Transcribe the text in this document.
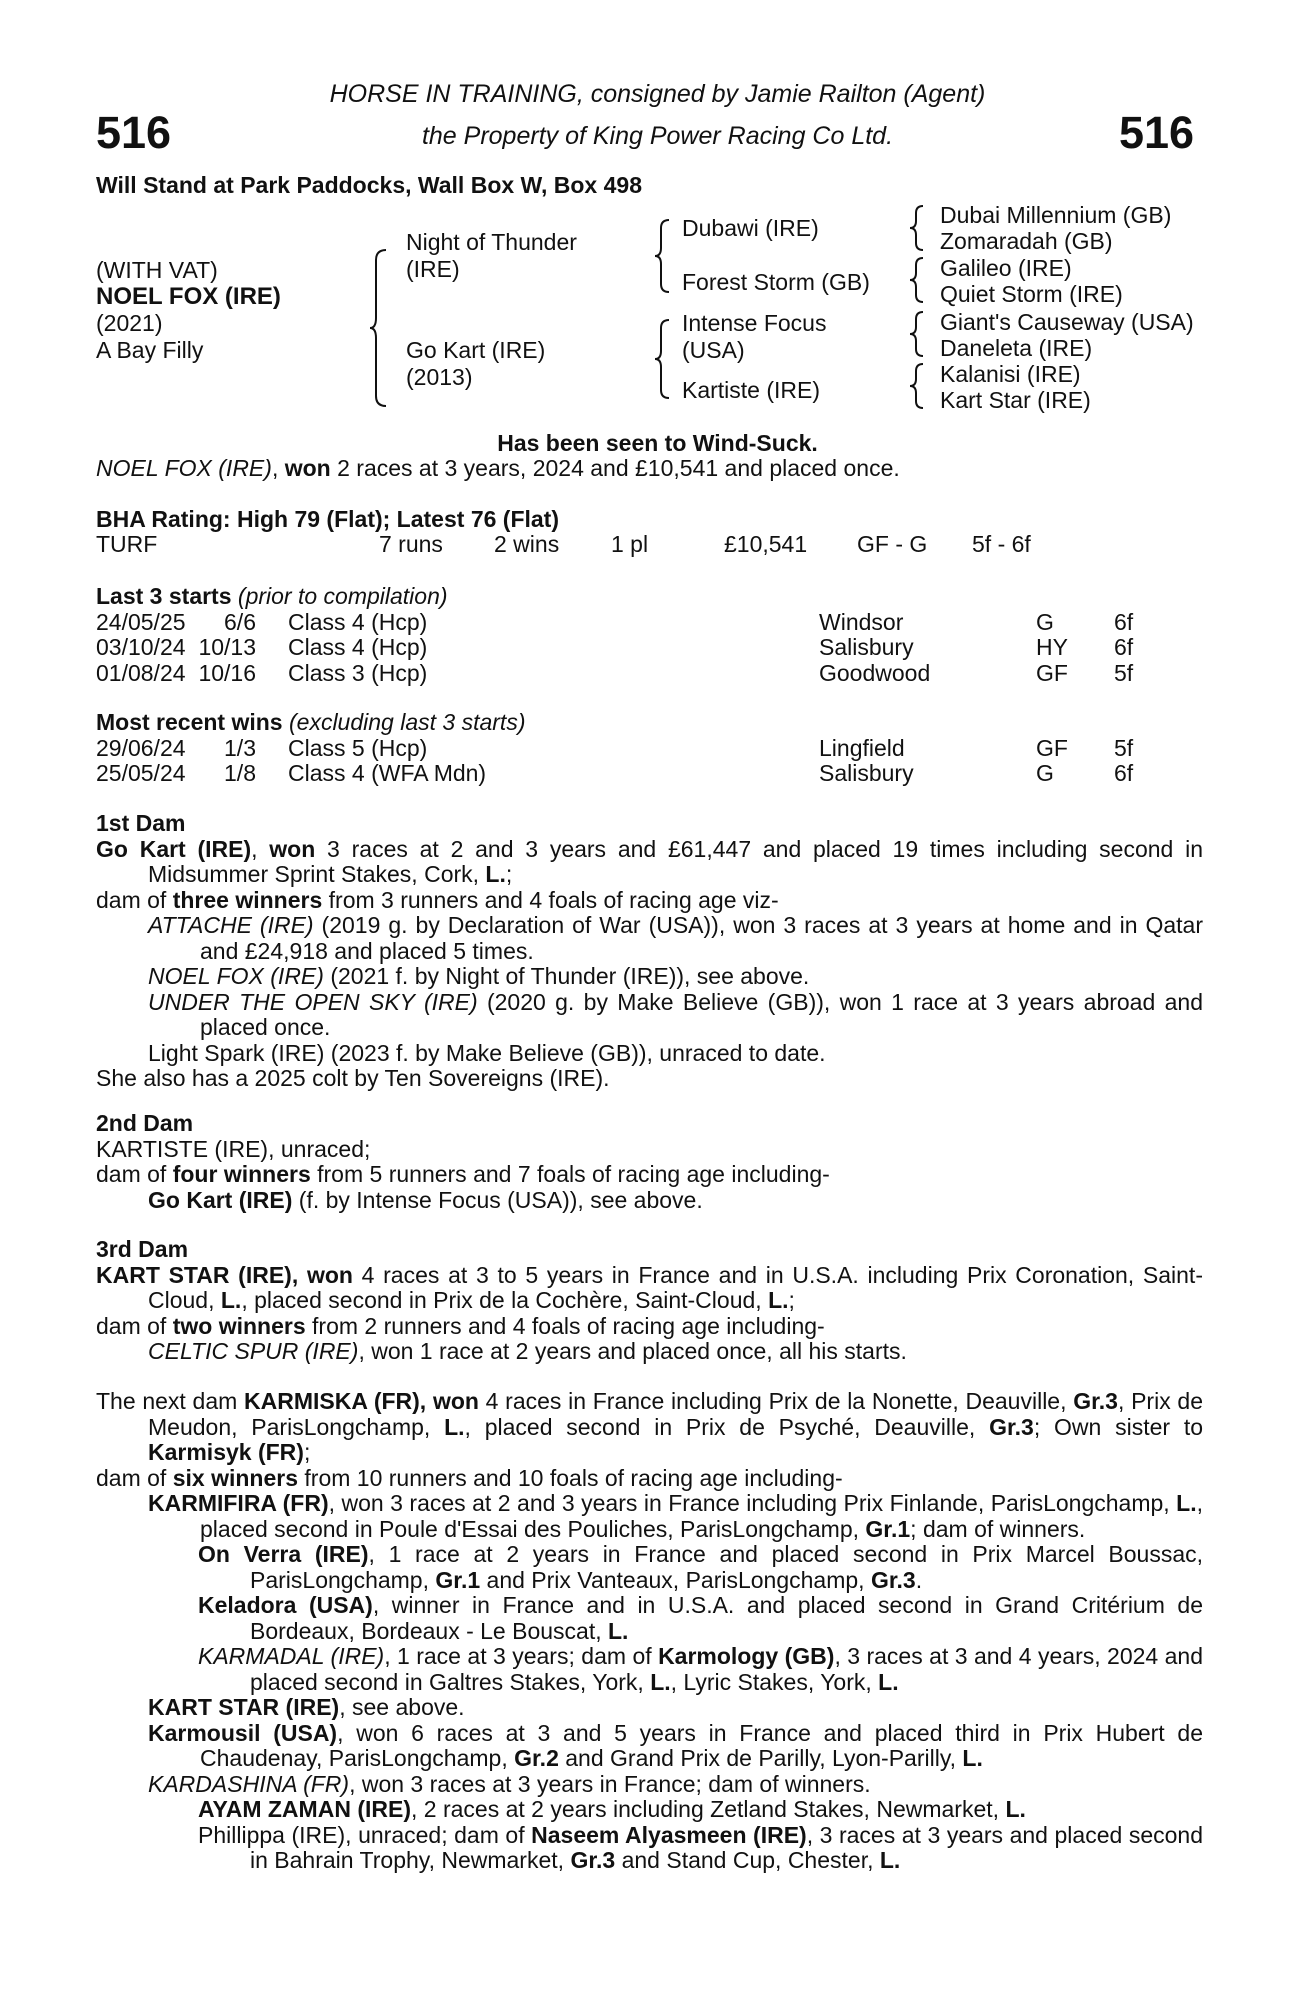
516	516
HORSE IN TRAINING, consigned by Jamie Railton (Agent)
the Property of King Power Racing Co Ltd.
Will Stand at Park Paddocks, Wall Box W, Box 498
(WITH VAT)
NOEL FOX (IRE)
(2021)
A Bay Filly
Night of Thunder
(IRE)
Go Kart (IRE)
(2013)
Dubawi (IRE)
Forest Storm (GB)
Intense Focus
(USA)
Kartiste (IRE)
Dubai Millennium (GB)
Zomaradah (GB)
Galileo (IRE)
Quiet Storm (IRE)
Giant's Causeway (USA)
Daneleta (IRE)
Kalanisi (IRE)
Kart Star (IRE)
Has been seen to Wind-Suck.
NOEL FOX (IRE), won 2 races at 3 years, 2024 and £10,541 and placed once.
BHA Rating: High 79 (Flat); Latest 76 (Flat)
TURF	7 runs 2 wins 1 pl	£10,541 GF - G 5f - 6f
Last 3 starts (prior to compilation)
24/05/25 6/6 Class 4 (Hcp)	Windsor	G	6f
03/10/24 10/13 Class 4 (Hcp)	Salisbury	HY 6f
01/08/24 10/16 Class 3 (Hcp)	Goodwood	GF 5f
Most recent wins (excluding last 3 starts)
29/06/24 1/3 Class 5 (Hcp)	Lingfield	GF 5f
25/05/24 1/8 Class 4 (WFA Mdn)	Salisbury	G	6f
1st Dam

Go Kart (IRE), won 3 races at 2 and 3 years and £61,447 and placed 19 times including second in Midsummer Sprint Stakes, Cork, L.;

dam of three winners from 3 runners and 4 foals of racing age viz-

ATTACHE (IRE) (2019 g. by Declaration of War (USA)), won 3 races at 3 years at home and in Qatar and £24,918 and placed 5 times.

NOEL FOX (IRE) (2021 f. by Night of Thunder (IRE)), see above.

UNDER THE OPEN SKY (IRE) (2020 g. by Make Believe (GB)), won 1 race at 3 years abroad and placed once.

Light Spark (IRE) (2023 f. by Make Believe (GB)), unraced to date.

She also has a 2025 colt by Ten Sovereigns (IRE).

2nd Dam

KARTISTE (IRE), unraced;

dam of four winners from 5 runners and 7 foals of racing age including-

Go Kart (IRE) (f. by Intense Focus (USA)), see above.

3rd Dam

KART STAR (IRE), won 4 races at 3 to 5 years in France and in U.S.A. including Prix Coronation, Saint-Cloud, L., placed second in Prix de la Cochère, Saint-Cloud, L.;

dam of two winners from 2 runners and 4 foals of racing age including-

CELTIC SPUR (IRE), won 1 race at 2 years and placed once, all his starts.

The next dam KARMISKA (FR), won 4 races in France including Prix de la Nonette, Deauville, Gr.3, Prix de Meudon, ParisLongchamp, L., placed second in Prix de Psyché, Deauville, Gr.3; Own sister to Karmisyk (FR);

dam of six winners from 10 runners and 10 foals of racing age including-

KARMIFIRA (FR), won 3 races at 2 and 3 years in France including Prix Finlande, ParisLongchamp, L., placed second in Poule d'Essai des Pouliches, ParisLongchamp, Gr.1; dam of winners.

On Verra (IRE), 1 race at 2 years in France and placed second in Prix Marcel Boussac, ParisLongchamp, Gr.1 and Prix Vanteaux, ParisLongchamp, Gr.3.

Keladora (USA), winner in France and in U.S.A. and placed second in Grand Critérium de Bordeaux, Bordeaux - Le Bouscat, L.

KARMADAL (IRE), 1 race at 3 years; dam of Karmology (GB), 3 races at 3 and 4 years, 2024 and placed second in Galtres Stakes, York, L., Lyric Stakes, York, L.

KART STAR (IRE), see above.

Karmousil (USA), won 6 races at 3 and 5 years in France and placed third in Prix Hubert de Chaudenay, ParisLongchamp, Gr.2 and Grand Prix de Parilly, Lyon-Parilly, L.

KARDASHINA (FR), won 3 races at 3 years in France; dam of winners.

AYAM ZAMAN (IRE), 2 races at 2 years including Zetland Stakes, Newmarket, L.

Phillippa (IRE), unraced; dam of Naseem Alyasmeen (IRE), 3 races at 3 years and placed second in Bahrain Trophy, Newmarket, Gr.3 and Stand Cup, Chester, L.
